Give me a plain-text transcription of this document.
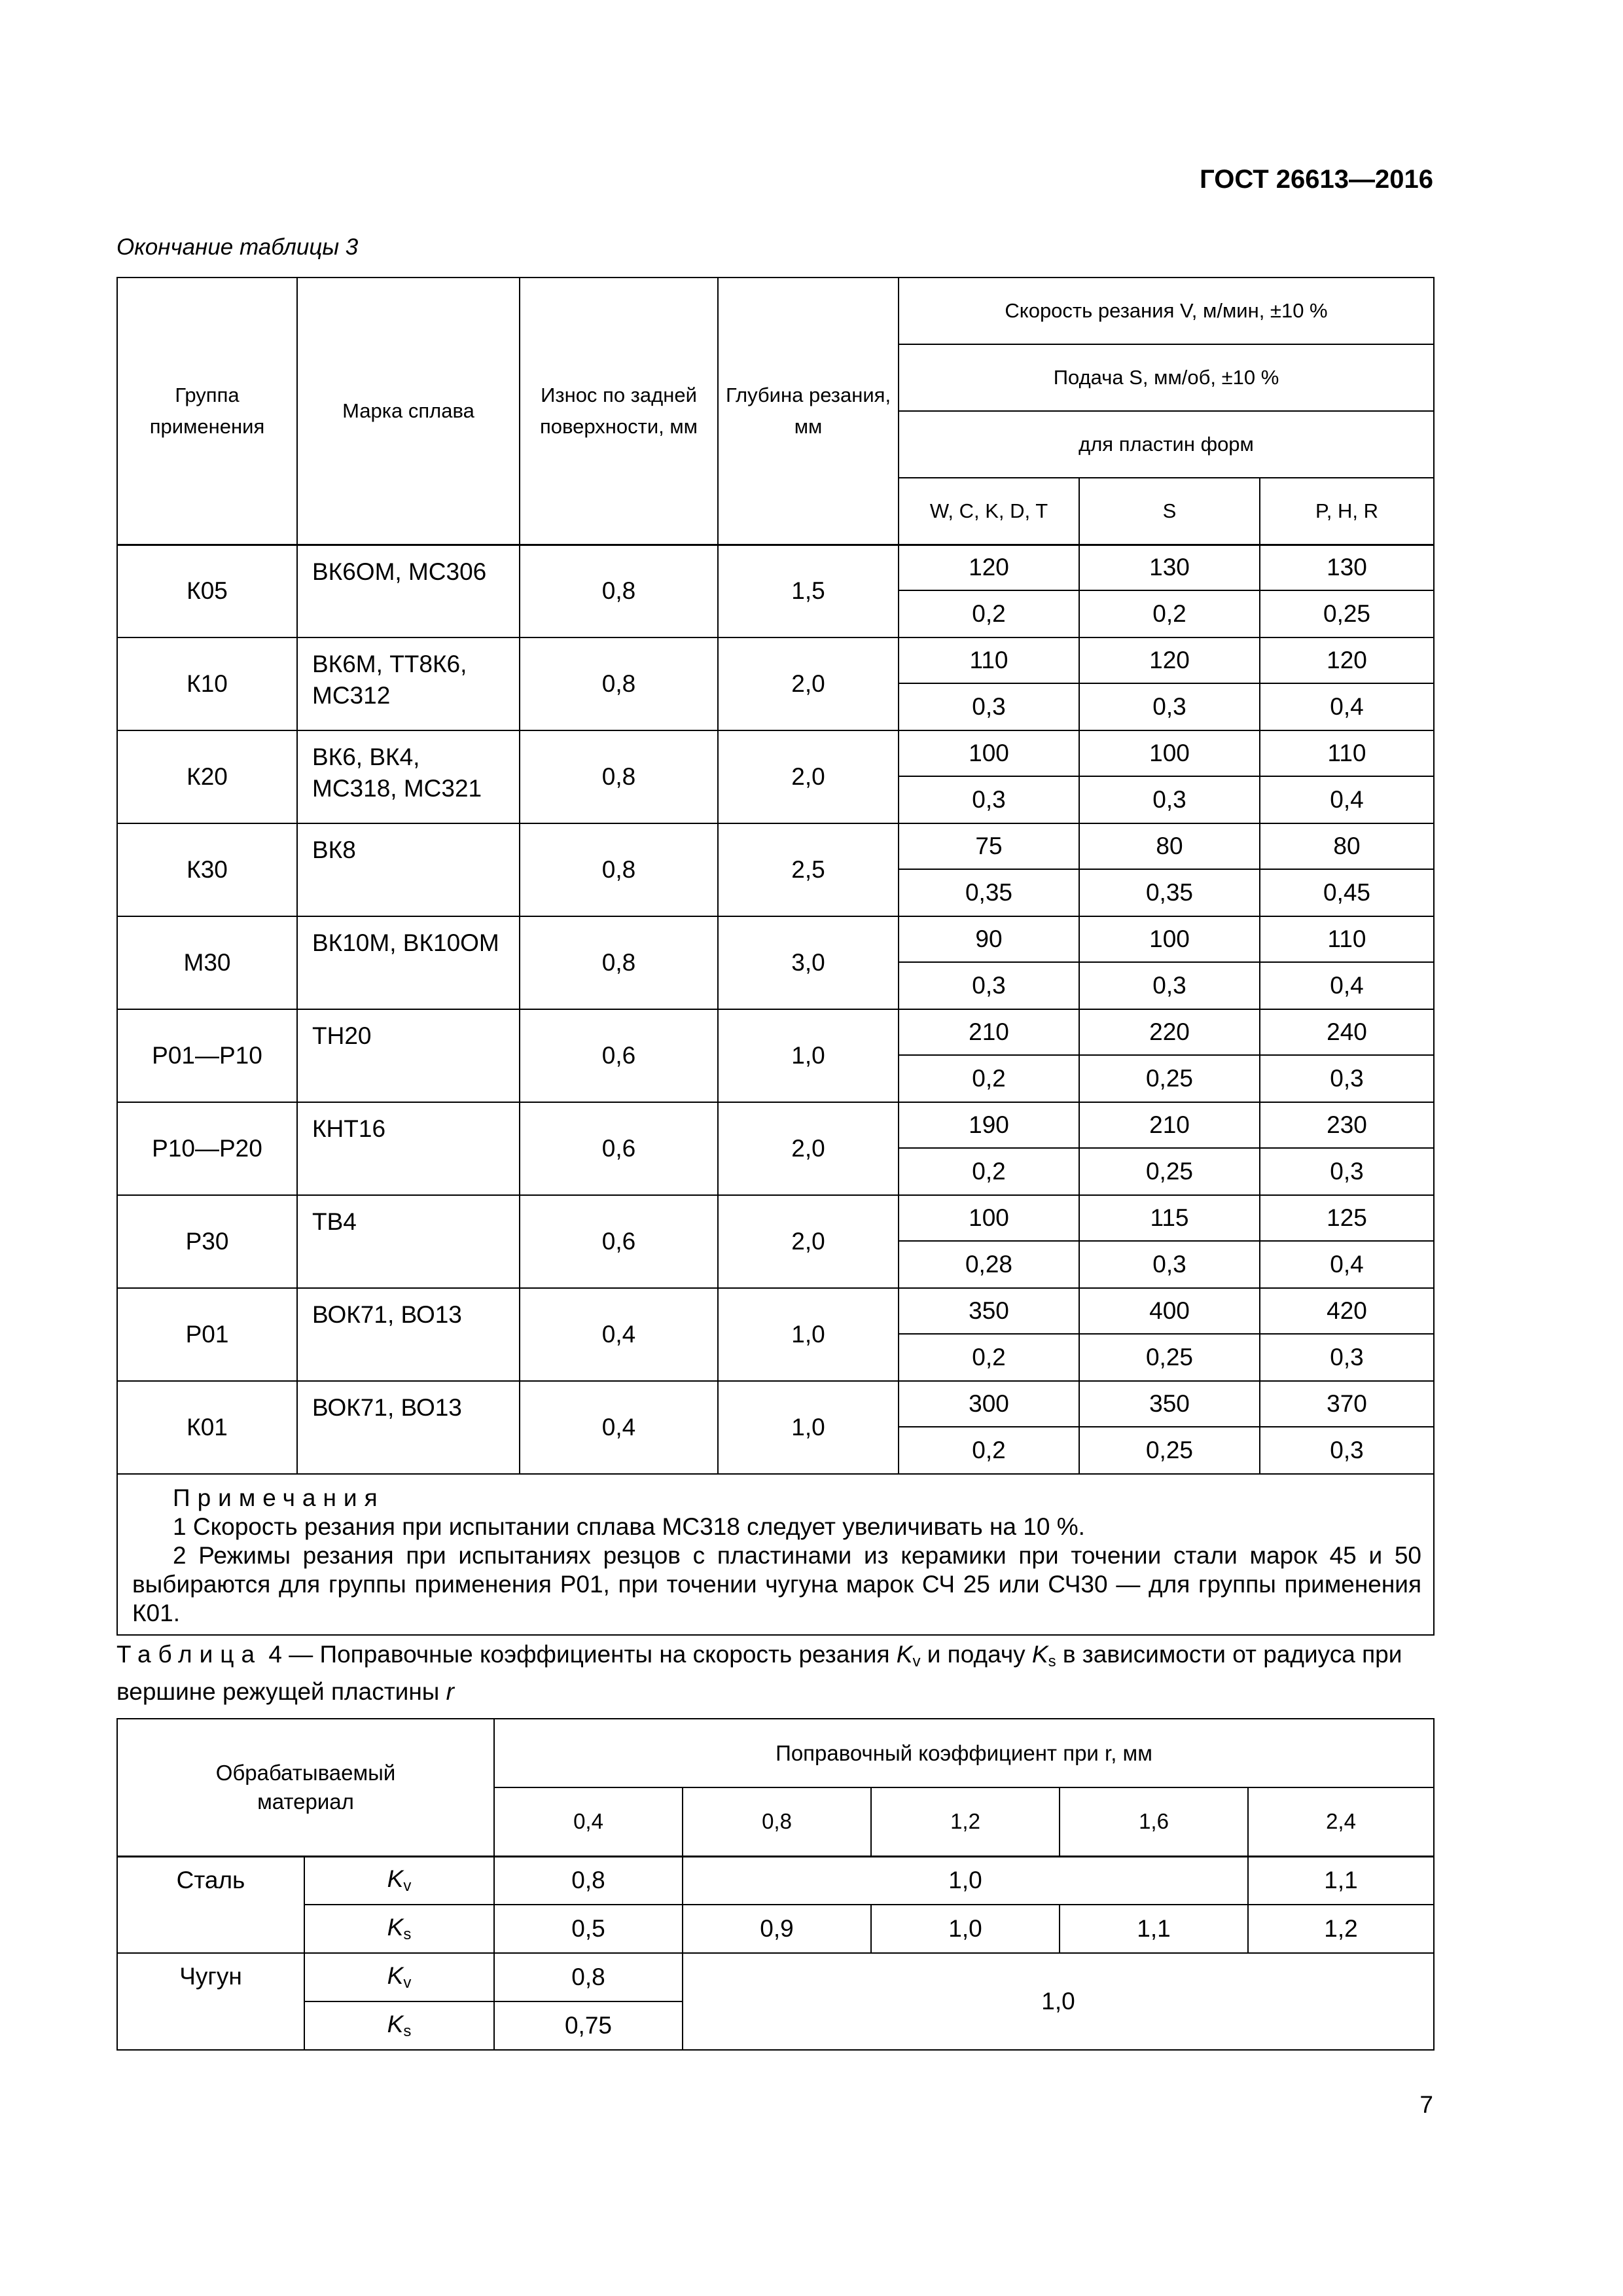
ГОСТ 26613—2016
Окончание таблицы 3
Группа применения	Марка сплава	Износ по задней поверхности, мм	Глубина резания, мм	Скорость резания V, м/мин, ±10 %		
				Подача S, мм/об, ±10 %		
				для пластин форм		
				W, C, K, D, T	S	P, H, R
К05	ВК6ОМ, МС306	0,8	1,5	120	130	130
				0,2	0,2	0,25
К10	ВК6М, ТТ8К6, МС312	0,8	2,0	110	120	120
				0,3	0,3	0,4
К20	ВК6, ВК4, МС318, МС321	0,8	2,0	100	100	110
				0,3	0,3	0,4
К30	ВК8	0,8	2,5	75	80	80
				0,35	0,35	0,45
М30	ВК10М, ВК10ОМ	0,8	3,0	90	100	110
				0,3	0,3	0,4
Р01—Р10	ТН20	0,6	1,0	210	220	240
				0,2	0,25	0,3
Р10—Р20	КНТ16	0,6	2,0	190	210	230
				0,2	0,25	0,3
Р30	ТВ4	0,6	2,0	100	115	125
				0,28	0,3	0,4
Р01	ВОК71, ВО13	0,4	1,0	350	400	420
				0,2	0,25	0,3
К01	ВОК71, ВО13	0,4	1,0	300	350	370
				0,2	0,25	0,3

Примечания
1 Скорость резания при испытании сплава МС318 следует увеличивать на 10 %.
2 Режимы резания при испытаниях резцов с пластинами из керамики при точении стали марок 45 и 50 выбираются для группы применения Р01, при точении чугуна марок СЧ 25 или СЧ30 — для группы применения К01.						
Таблица 4 — Поправочные коэффициенты на скорость резания $K_v$ и подачу $K_s$ в зависимости от радиуса при вершине режущей пластины r
Обрабатываемый материал		Поправочный коэффициент при r, мм				
		0,4	0,8	1,2	1,6	2,4
Сталь	$K_v$	0,8	1,0			1,1
	$K_s$	0,5	0,9	1,0	1,1	1,2
Чугун	$K_v$	0,8	1,0			
	$K_s$	0,75				
7
